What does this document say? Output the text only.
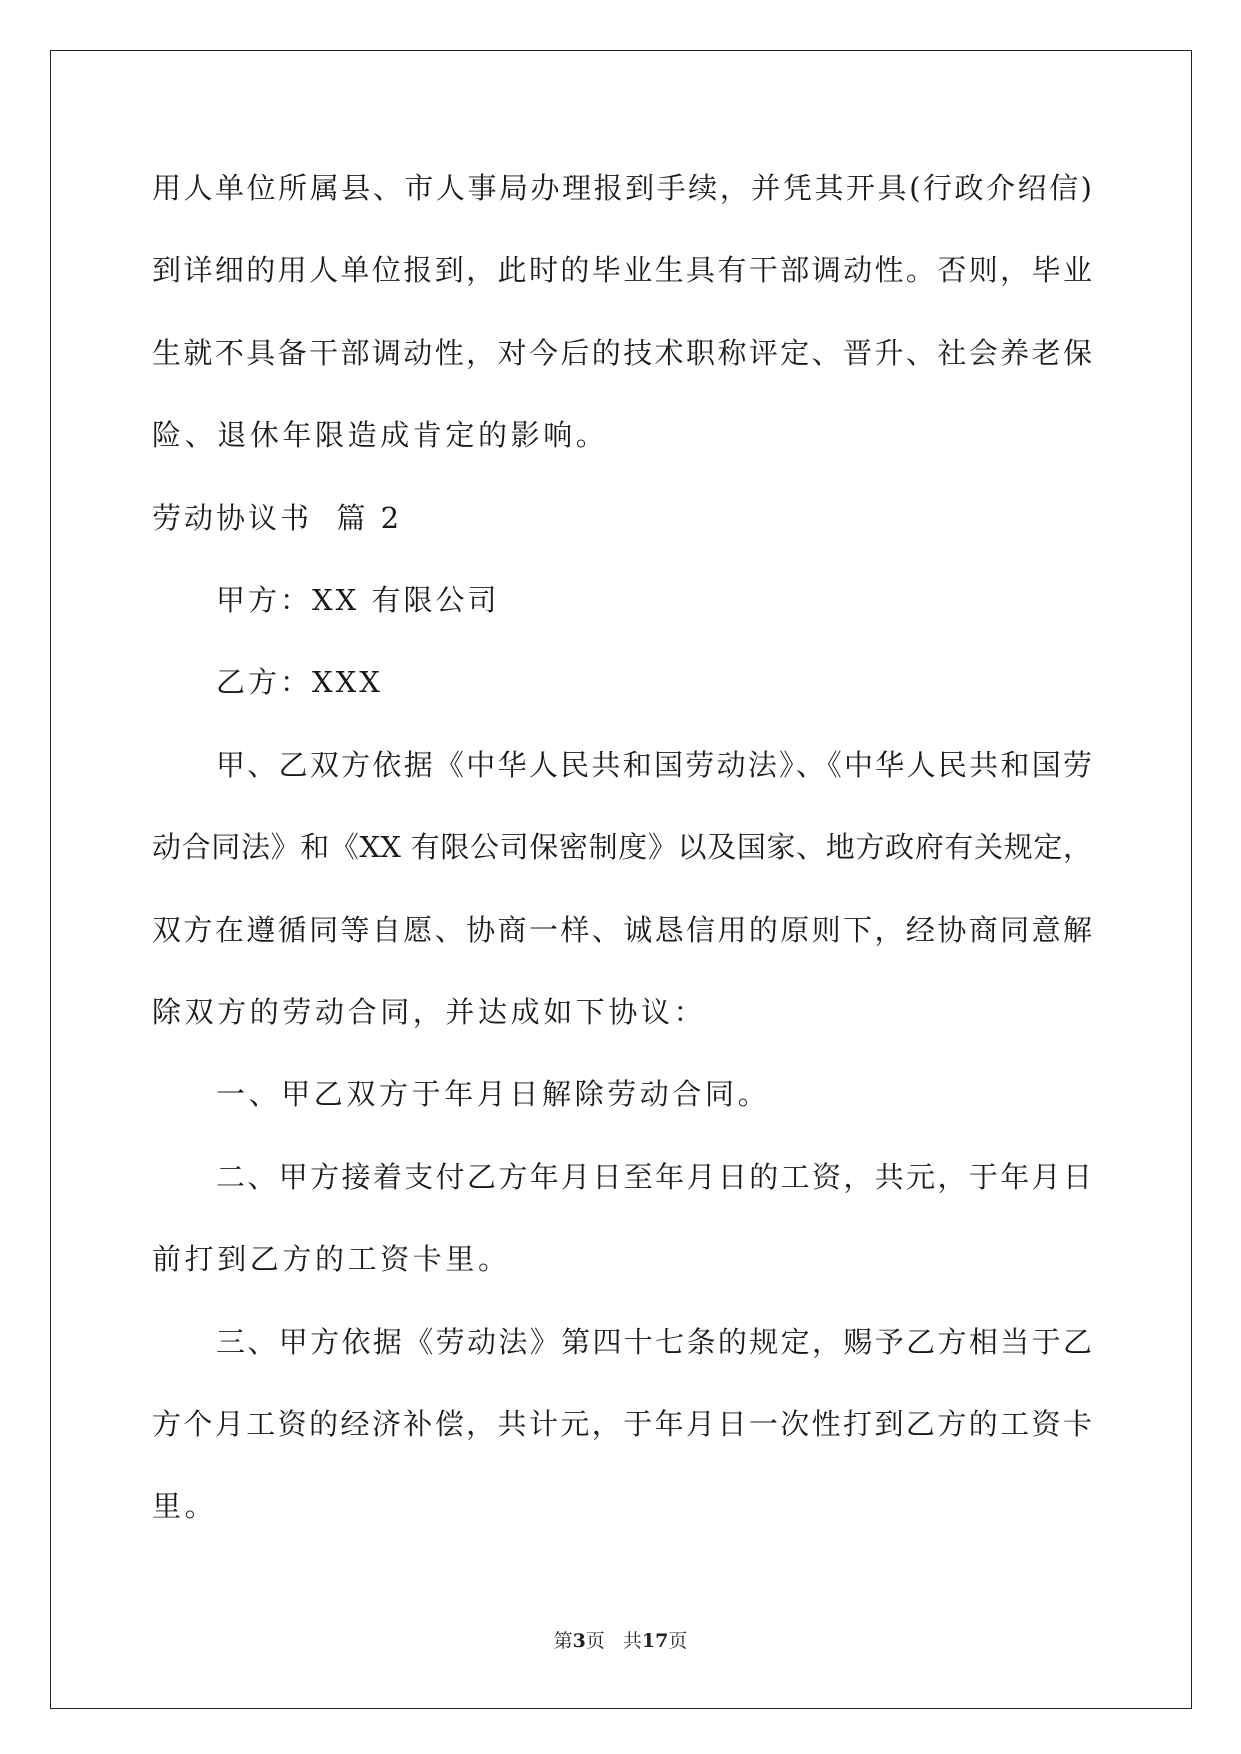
用人单位所属县、市人事局办理报到手续，并凭其开具(行政介绍信)
到详细的用人单位报到，此时的毕业生具有干部调动性。否则，毕业
生就不具备干部调动性，对今后的技术职称评定、晋升、社会养老保
险、退休年限造成肯定的影响。
劳动协议书  篇 2
甲方：XX 有限公司
乙方：XXX
甲、乙双方依据《中华人民共和国劳动法》、《中华人民共和国劳
动合同法》和《XX 有限公司保密制度》以及国家、地方政府有关规定，
双方在遵循同等自愿、协商一样、诚恳信用的原则下，经协商同意解
除双方的劳动合同，并达成如下协议：
一、甲乙双方于年月日解除劳动合同。
二、甲方接着支付乙方年月日至年月日的工资，共元，于年月日
前打到乙方的工资卡里。
三、甲方依据《劳动法》第四十七条的规定，赐予乙方相当于乙
方个月工资的经济补偿，共计元，于年月日一次性打到乙方的工资卡
里。
第3页 共17页
